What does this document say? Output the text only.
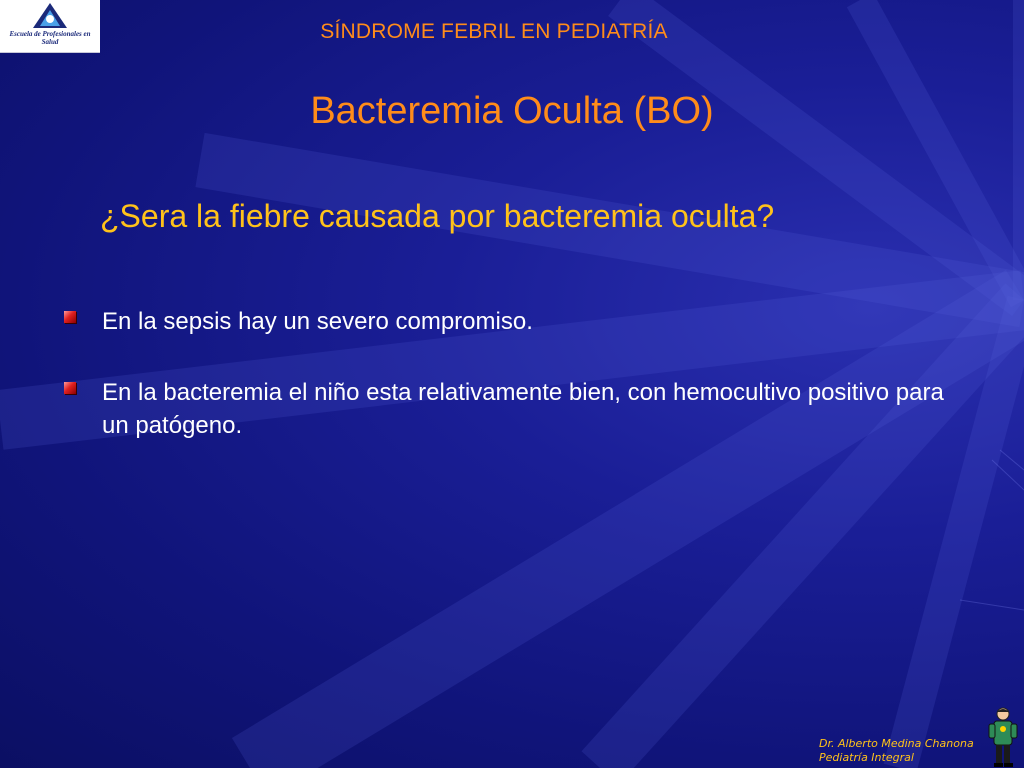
Escuela de Profesionales en Salud	SÍNDROME FEBRIL EN PEDIATRÍA
Bacteremia Oculta (BO)
¿Sera la fiebre causada por bacteremia oculta?
En la sepsis hay un severo compromiso.
En la bacteremia el niño esta relativamente bien, con hemocultivo positivo para un patógeno.
Dr. Alberto Medina Chanona
Pediatría Integral
